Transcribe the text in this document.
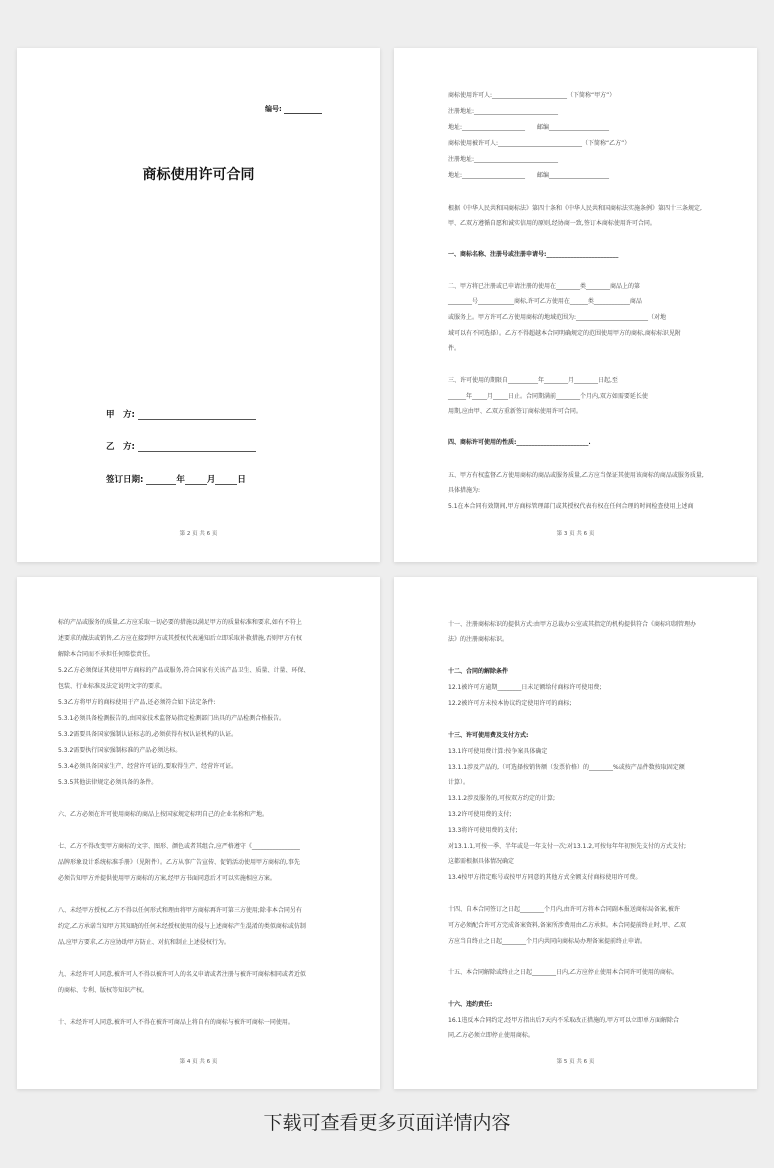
编号:
商标使用许可合同
甲　方:
乙　方:
签订日期:	年	月	日
第 2 页 共 6 页
商标使用许可人:_________________________（下简称“甲方”）
注册地址:____________________________
地址:_____________________　　邮编____________________
商标使用被许可人:____________________________（下简称“乙方”）
注册地址:____________________________
地址:_____________________　　邮编____________________
根据《中华人民共和国商标法》第四十条和《中华人民共和国商标法实施条例》第四十三条规定,
甲、乙双方遵循自愿和诚实信用的原则,经协商一致,签订本商标使用许可合同。
一、商标名称、注册号或注册申请号:________________________
二、甲方将已注册或已申请注册的使用在________类________商品上的第
________号____________商标,许可乙方使用在______类____________商品
或服务上。甲方许可乙方使用商标的地域范围为:________________________（对地
域可以有不同选择）。乙方不得超越本合同明确规定的范围使用甲方的商标,商标标识见附
件。
三、许可使用的期限自__________年________月________日起,至
______年_____月_____日止。合同期满前________个月内,双方如需要延长使
用期,应由甲、乙双方重新签订商标使用许可合同。
四、商标许可使用的性质:________________________.
五、甲方有权监督乙方使用商标的商品或服务质量,乙方应当保证其使用该商标的商品或服务质量,
具体措施为:
5.1在本合同有效期间,甲方商标管理部门或其授权代表有权在任何合理的时间检查使用上述商
第 3 页 共 6 页
标的产品或服务的质量,乙方应采取一切必要的措施以满足甲方的质量标准和要求,如有不符上
述要求的做法或销售,乙方应在接到甲方或其授权代表通知后立即采取补救措施,否则甲方有权
解除本合同而不承担任何赔偿责任。
5.2乙方必须保证其使用甲方商标的产品或服务,符合国家有关该产品卫生、质量、计量、环保、
包装、行业标准及法定说明文字的要求。
5.3乙方将甲方的商标使用于产品,还必须符合如下法定条件:
5.3.1必须具备检测报告的,由国家技术监督局指定检测部门出具的产品检测合格报告。
5.3.2需要具备国家强制认证标志的,必须获得有权认证机构的认证。
5.3.2需要执行国家强制标准的产品必须达标。
5.3.4必须具备国家生产、经营许可证的,要取得生产、经营许可证。
5.3.5其他法律规定必须具备的条件。
六、乙方必须在许可使用商标的商品上按国家规定标明自己的企业名称和产地。
七、乙方不得改变甲方商标的文字、图形、颜色或者其组合,应严格遵守《________________
品牌形象设计系统标准手册》（见附件）。乙方从事广告宣传、促销活动使用甲方商标的,事先
必须告知甲方并提供使用甲方商标的方案,经甲方书面同意后才可以实施相应方案。
八、未经甲方授权,乙方不得以任何形式和理由将甲方商标再许可第三方使用;除非本合同另有
约定,乙方承诺当知甲方其知晓的任何未经授权使用的侵与上述商标产生混淆的类似商标或仿制
品,应甲方要求,乙方应协助甲方防止、对抗和制止上述侵权行为。
九、未经许可人同意,被许可人不得以被许可人的名义申请或者注册与被许可商标相同或者近似
的商标、专利、版权等知识产权。
十、未经许可人同意,被许可人不得在被许可商品上将自有的商标与被许可商标一同使用。
第 4 页 共 6 页
十一、注册商标标识的提供方式:由甲方总裁办公室或其指定的机构提供符合《商标印制管理办
法》的注册商标标识。
十二、合同的解除条件
12.1被许可方逾期________日未足额给付商标许可使用费;
12.2被许可方未按本协议约定使用许可的商标;
十三、许可使用费及支付方式:
13.1许可使用费计算:按争案具体确定
13.1.1涉及产品的,（可选择按销售额（发票价格）的________%或按产品件数按取固定额
计算）。
13.1.2涉及服务的,可按双方约定的计算;
13.2许可使用费的支付;
13.3将许可使用费的支付;
对13.1.1,可按一季、半年或是一年支付一次;对13.1.2,可按每年年初预先支付的方式支付;
这都需根据具体情况确定
13.4按甲方指定账号或按甲方同意的其他方式全额支付商标使用许可费。
十四、自本合同签订之日起________个月内,由许可方将本合同副本报送商标局备案,被许
可方必须配合许可方完成备案资料,备案所涉费用由乙方承担。本合同提前终止时,甲、乙双
方应当自终止之日起________个月内共同向商标局办理备案提前终止申请。
十五、本合同解除或终止之日起________日内,乙方应停止使用本合同许可使用的商标。
十六、违约责任:
16.1违反本合同约定,经甲方指出后7天内不采取改正措施的,甲方可以立即单方面解除合
同,乙方必须立即停止使用商标。
第 5 页 共 6 页
下载可查看更多页面详情内容
